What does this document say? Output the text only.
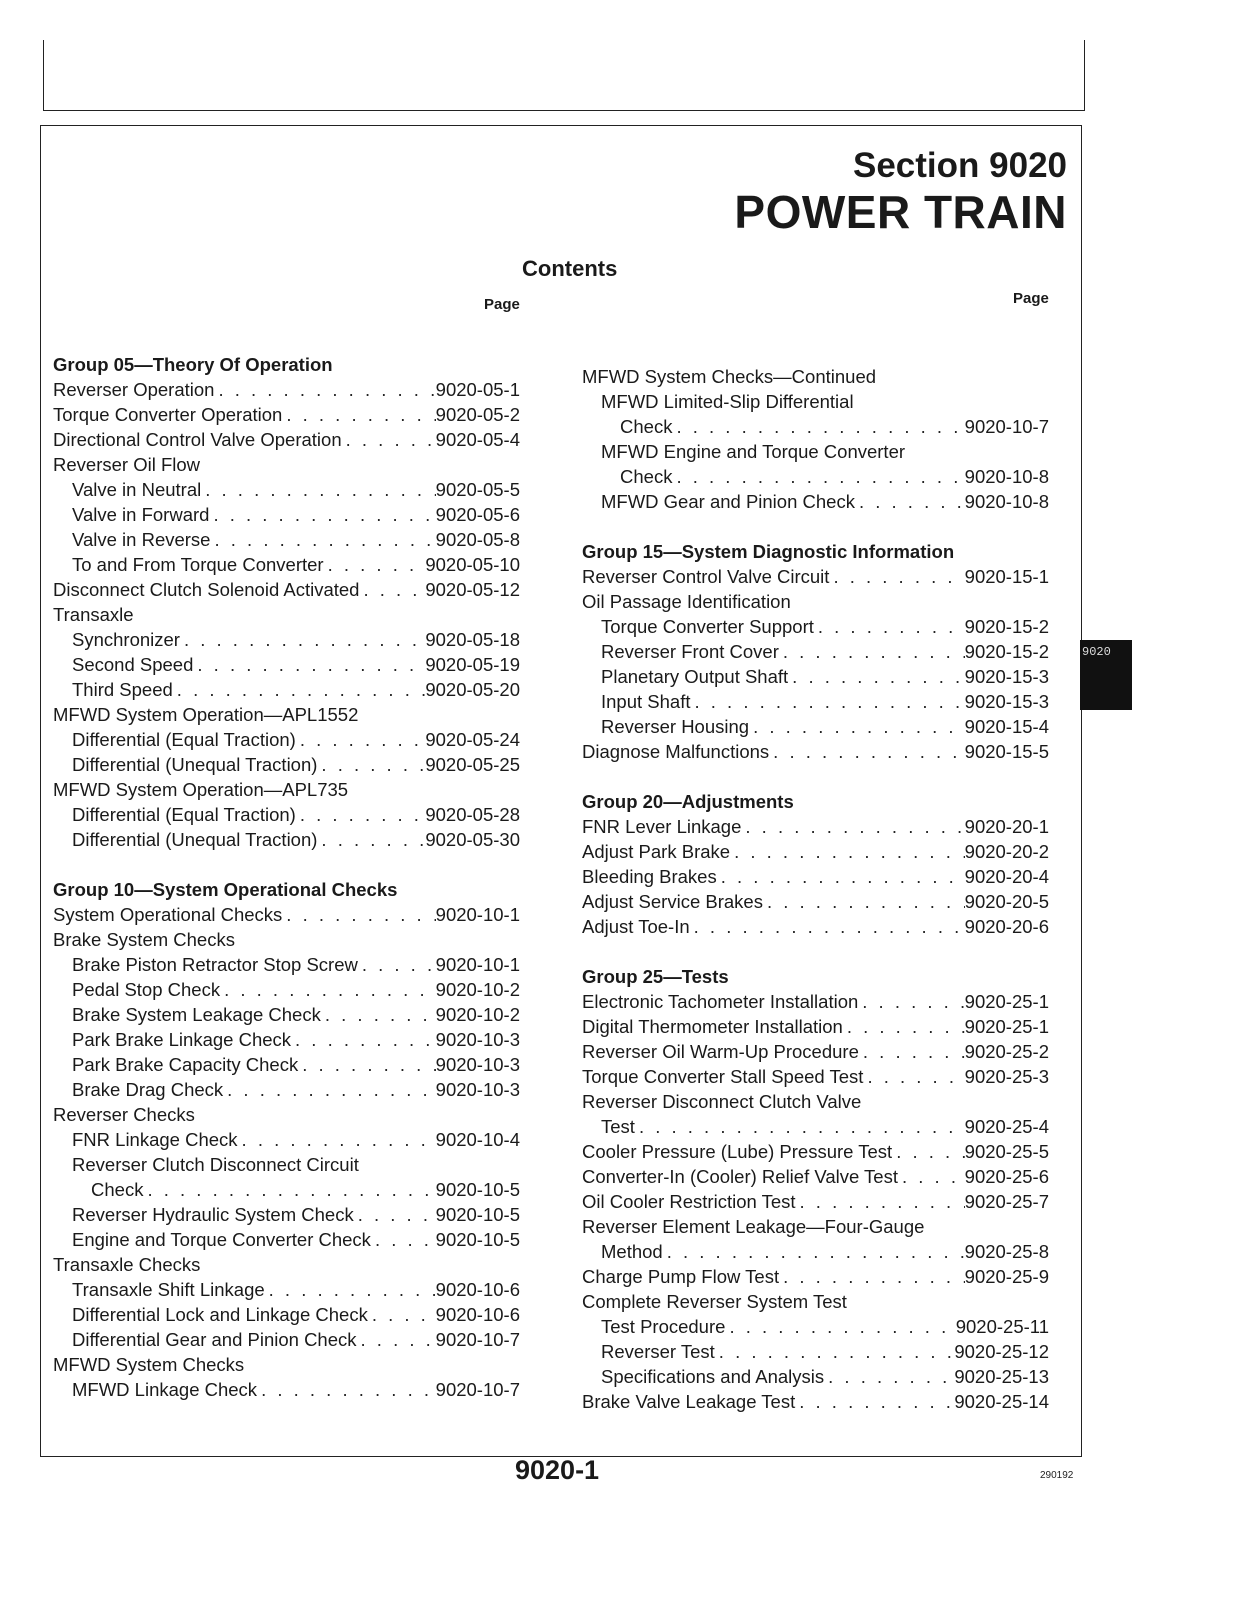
Section 9020
POWER TRAIN
Contents
Page	Page
9020
Group 05—Theory Of Operation
Reverser Operation . . .	9020-05-1
Torque Converter Operation . . .	9020-05-2
Directional Control Valve Operation . . .	9020-05-4
Reverser Oil Flow
Valve in Neutral . . .	9020-05-5
Valve in Forward . . .	9020-05-6
Valve in Reverse . . .	9020-05-8
To and From Torque Converter . . .	9020-05-10
Disconnect Clutch Solenoid Activated . . .	9020-05-12
Transaxle
Synchronizer . . .	9020-05-18
Second Speed . . .	9020-05-19
Third Speed . . .	9020-05-20
MFWD System Operation—APL1552
Differential (Equal Traction) . . .	9020-05-24
Differential (Unequal Traction) . . .	9020-05-25
MFWD System Operation—APL735
Differential (Equal Traction) . . .	9020-05-28
Differential (Unequal Traction) . . .	9020-05-30
Group 10—System Operational Checks
System Operational Checks . . .	9020-10-1
Brake System Checks
Brake Piston Retractor Stop Screw . . .	9020-10-1
Pedal Stop Check . . .	9020-10-2
Brake System Leakage Check . . .	9020-10-2
Park Brake Linkage Check . . .	9020-10-3
Park Brake Capacity Check . . .	9020-10-3
Brake Drag Check . . .	9020-10-3
Reverser Checks
FNR Linkage Check . . .	9020-10-4
Reverser Clutch Disconnect Circuit
Check . . .	9020-10-5
Reverser Hydraulic System Check . . .	9020-10-5
Engine and Torque Converter Check . . .	9020-10-5
Transaxle Checks
Transaxle Shift Linkage . . .	9020-10-6
Differential Lock and Linkage Check . . .	9020-10-6
Differential Gear and Pinion Check . . .	9020-10-7
MFWD System Checks
MFWD Linkage Check . . .	9020-10-7
MFWD System Checks—Continued
MFWD Limited-Slip Differential
Check . . .	9020-10-7
MFWD Engine and Torque Converter
Check . . .	9020-10-8
MFWD Gear and Pinion Check . . .	9020-10-8
Group 15—System Diagnostic Information
Reverser Control Valve Circuit . . .	9020-15-1
Oil Passage Identification
Torque Converter Support . . .	9020-15-2
Reverser Front Cover . . .	9020-15-2
Planetary Output Shaft . . .	9020-15-3
Input Shaft . . .	9020-15-3
Reverser Housing . . .	9020-15-4
Diagnose Malfunctions . . .	9020-15-5
Group 20—Adjustments
FNR Lever Linkage . . .	9020-20-1
Adjust Park Brake . . .	9020-20-2
Bleeding Brakes . . .	9020-20-4
Adjust Service Brakes . . .	9020-20-5
Adjust Toe-In . . .	9020-20-6
Group 25—Tests
Electronic Tachometer Installation . . .	9020-25-1
Digital Thermometer Installation . . .	9020-25-1
Reverser Oil Warm-Up Procedure . . .	9020-25-2
Torque Converter Stall Speed Test . . .	9020-25-3
Reverser Disconnect Clutch Valve
Test . . .	9020-25-4
Cooler Pressure (Lube) Pressure Test . . .	9020-25-5
Converter-In (Cooler) Relief Valve Test . . .	9020-25-6
Oil Cooler Restriction Test . . .	9020-25-7
Reverser Element Leakage—Four-Gauge
Method . . .	9020-25-8
Charge Pump Flow Test . . .	9020-25-9
Complete Reverser System Test
Test Procedure . . .	9020-25-11
Reverser Test . . .	9020-25-12
Specifications and Analysis . . .	9020-25-13
Brake Valve Leakage Test . . .	9020-25-14
9020-1	290192
